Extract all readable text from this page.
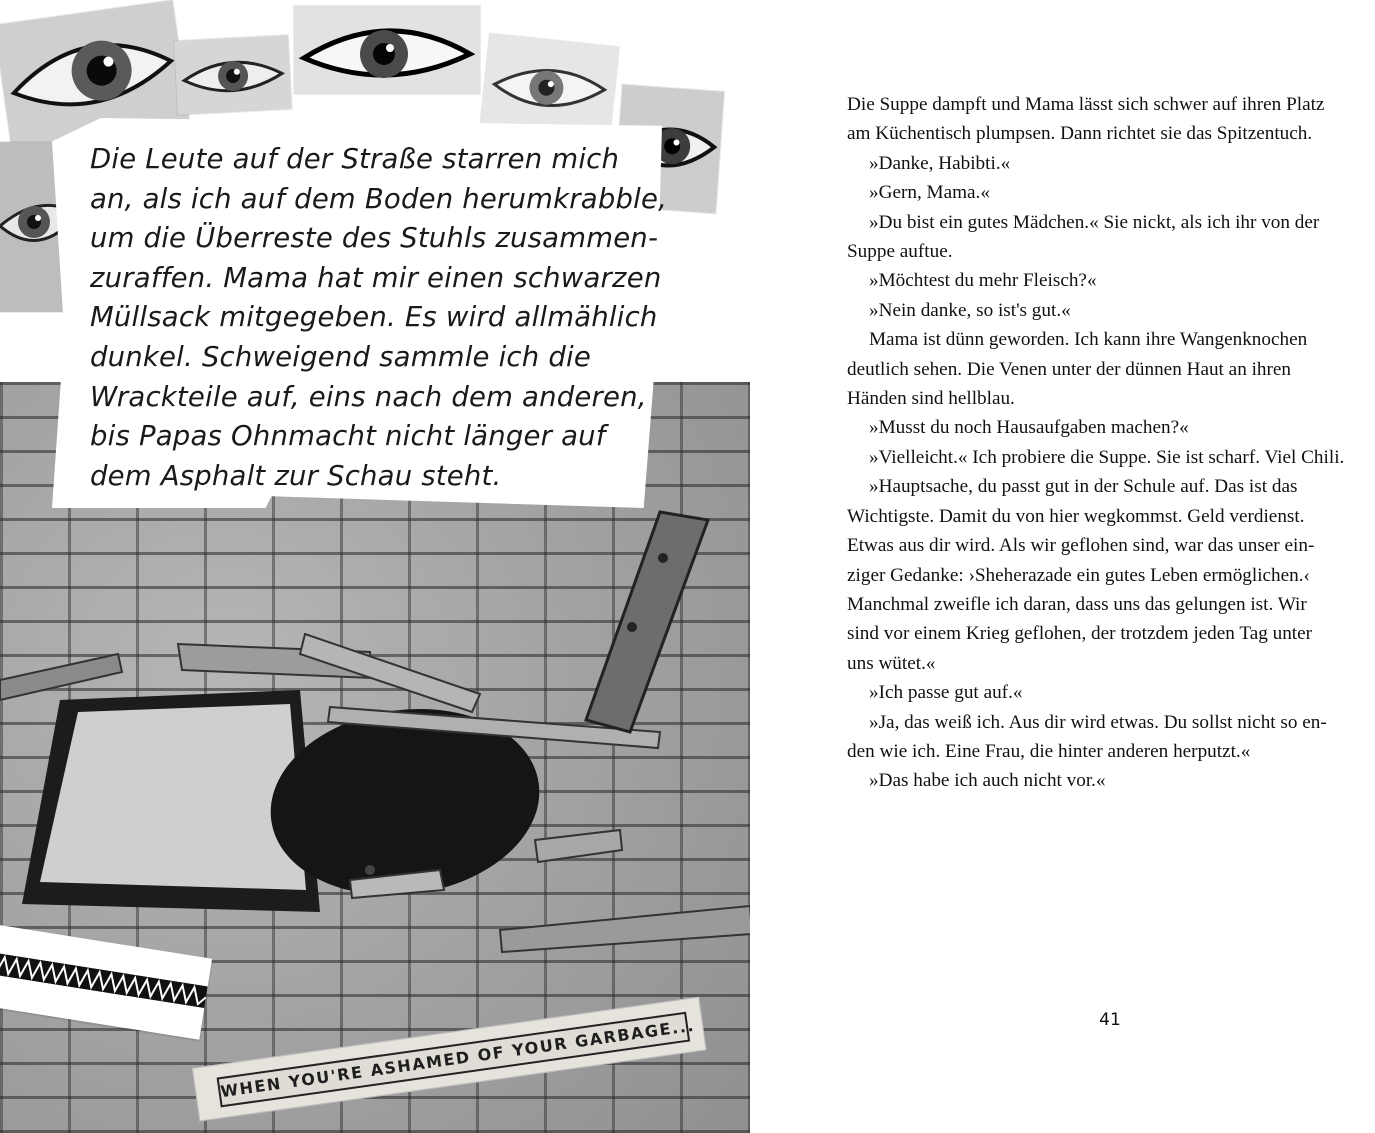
Die Leute auf der Straße starren mich
an, als ich auf dem Boden herumkrabble,
um die Überreste des Stuhls zusammen-
zuraffen. Mama hat mir einen schwarzen
Müllsack mitgegeben. Es wird allmählich
dunkel. Schweigend sammle ich die
Wrackteile auf, eins nach dem anderen,
bis Papas Ohnmacht nicht länger auf
dem Asphalt zur Schau steht.
WHEN YOU'RE ASHAMED OF YOUR GARBAGE...

Die Suppe dampft und Mama lässt sich schwer auf ihren Platz
am Küchentisch plumpsen. Dann richtet sie das Spitzentuch.

»Danke, Habibti.«

»Gern, Mama.«

»Du bist ein gutes Mädchen.« Sie nickt, als ich ihr von der
Suppe auftue.

»Möchtest du mehr Fleisch?«

»Nein danke, so ist's gut.«

Mama ist dünn geworden. Ich kann ihre Wangenknochen
deutlich sehen. Die Venen unter der dünnen Haut an ihren
Händen sind hellblau.

»Musst du noch Hausaufgaben machen?«

»Vielleicht.« Ich probiere die Suppe. Sie ist scharf. Viel Chili.

»Hauptsache, du passt gut in der Schule auf. Das ist das
Wichtigste. Damit du von hier wegkommst. Geld verdienst.
Etwas aus dir wird. Als wir geflohen sind, war das unser ein-
ziger Gedanke: ›Sheherazade ein gutes Leben ermöglichen.‹
Manchmal zweifle ich daran, dass uns das gelungen ist. Wir
sind vor einem Krieg geflohen, der trotzdem jeden Tag unter
uns wütet.«

»Ich passe gut auf.«

»Ja, das weiß ich. Aus dir wird etwas. Du sollst nicht so en-
den wie ich. Eine Frau, die hinter anderen herputzt.«

»Das habe ich auch nicht vor.«

41
